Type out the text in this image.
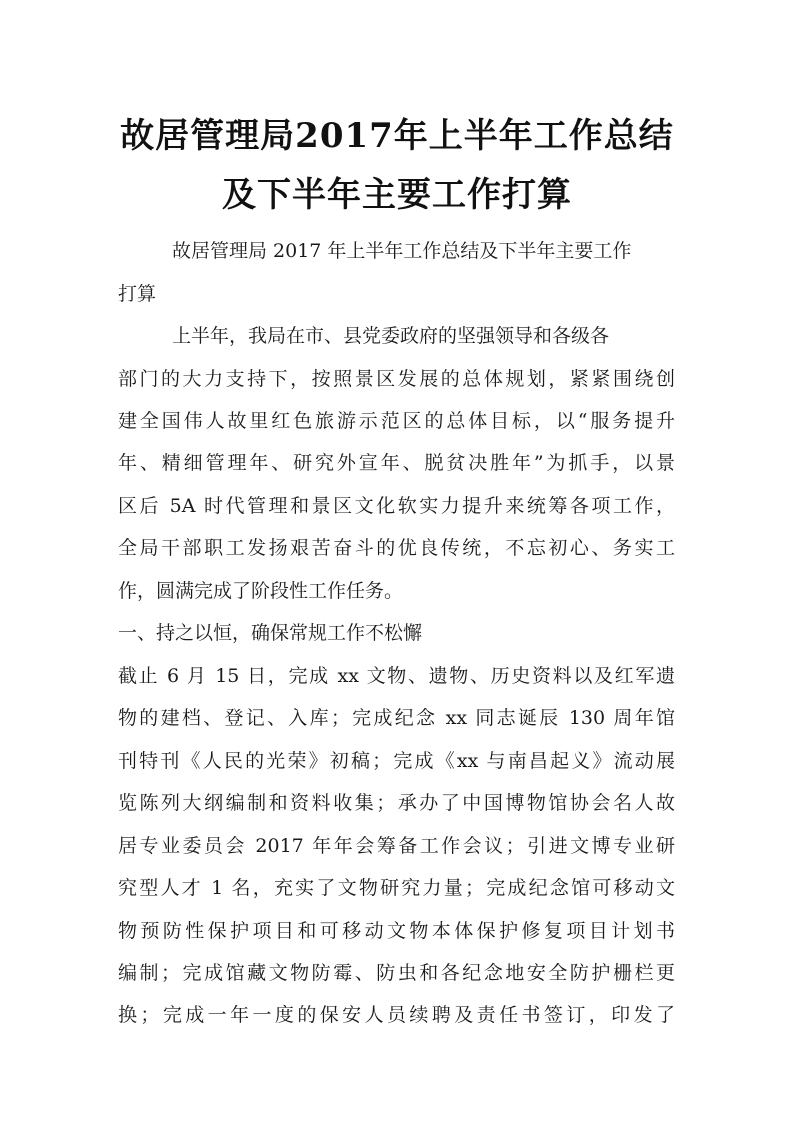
故居管理局2017年上半年工作总结
及下半年主要工作打算
故居管理局 2017 年上半年工作总结及下半年主要工作
打算
上半年，我局在市、县党委政府的坚强领导和各级各
部门的大力支持下，按照景区发展的总体规划，紧紧围绕创
建全国伟人故里红色旅游示范区的总体目标，以“服务提升
年、精细管理年、研究外宣年、脱贫决胜年”为抓手，以景
区后 5A 时代管理和景区文化软实力提升来统筹各项工作，
全局干部职工发扬艰苦奋斗的优良传统，不忘初心、务实工
作，圆满完成了阶段性工作任务。
一、持之以恒，确保常规工作不松懈
截止 6 月 15 日，完成 xx 文物、遗物、历史资料以及红军遗
物的建档、登记、入库；完成纪念 xx 同志诞辰 130 周年馆
刊特刊《人民的光荣》初稿；完成《xx 与南昌起义》流动展
览陈列大纲编制和资料收集；承办了中国博物馆协会名人故
居专业委员会 2017 年年会筹备工作会议；引进文博专业研
究型人才 1 名，充实了文物研究力量；完成纪念馆可移动文
物预防性保护项目和可移动文物本体保护修复项目计划书
编制；完成馆藏文物防霉、防虫和各纪念地安全防护栅栏更
换；完成一年一度的保安人员续聘及责任书签订，印发了
